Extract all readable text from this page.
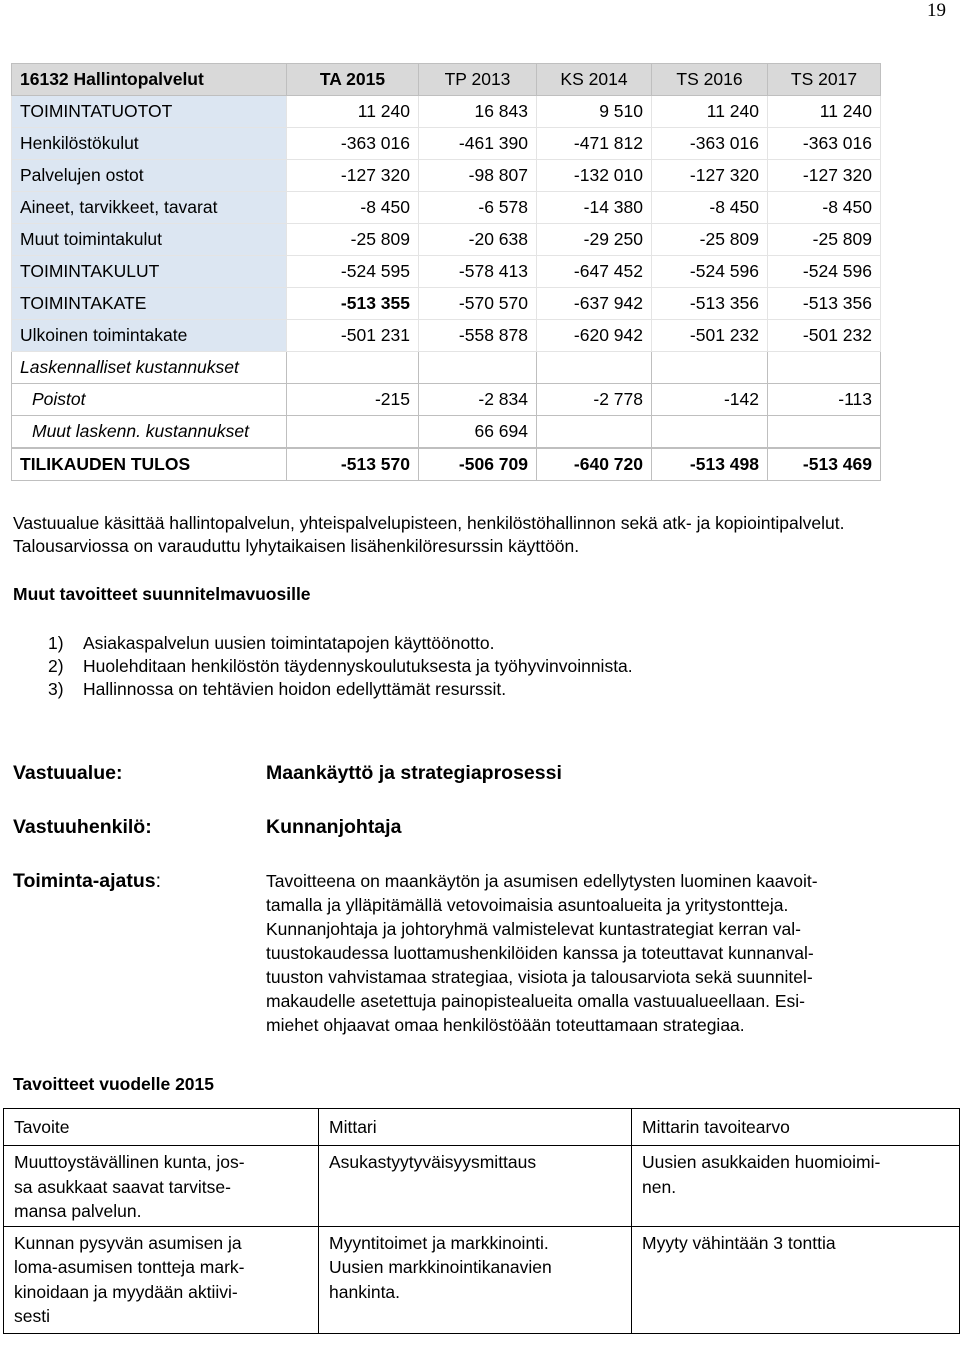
19
16132 Hallintopalvelut	TA 2015	TP 2013	KS 2014	TS 2016	TS 2017
TOIMINTATUOTOT	11 240	16 843	9 510	11 240	11 240
Henkilöstökulut	-363 016	-461 390	-471 812	-363 016	-363 016
Palvelujen ostot	-127 320	-98 807	-132 010	-127 320	-127 320
Aineet, tarvikkeet, tavarat	-8 450	-6 578	-14 380	-8 450	-8 450
Muut toimintakulut	-25 809	-20 638	-29 250	-25 809	-25 809
TOIMINTAKULUT	-524 595	-578 413	-647 452	-524 596	-524 596
TOIMINTAKATE	-513 355	-570 570	-637 942	-513 356	-513 356
Ulkoinen toimintakate	-501 231	-558 878	-620 942	-501 232	-501 232
Laskennalliset kustannukset					
Poistot	-215	-2 834	-2 778	-142	-113
Muut laskenn. kustannukset		66 694			
TILIKAUDEN TULOS	-513 570	-506 709	-640 720	-513 498	-513 469

Vastuualue käsittää hallintopalvelun, yhteispalvelupisteen, henkilöstöhallinnon sekä atk- ja kopiointipalvelut. Talousarviossa on varauduttu lyhytaikaisen lisähenkilöresurssin käyttöön.

Muut tavoitteet suunnitelmavuosille

1) Asiakaspalvelun uusien toimintatapojen käyttöönotto.
2) Huolehditaan henkilöstön täydennyskoulutuksesta ja työhyvinvoinnista.
3) Hallinnossa on tehtävien hoidon edellyttämät resurssit.
Vastuualue:	Maankäyttö ja strategiaprosessi
Vastuuhenkilö:	Kunnanjohtaja
Toiminta-ajatus:	Tavoitteena on maankäytön ja asumisen edellytysten luominen kaavoit-
tamalla ja ylläpitämällä vetovoimaisia asuntoalueita ja yritystontteja.
Kunnanjohtaja ja johtoryhmä valmistelevat kuntastrategiat kerran val-
tuustokaudessa luottamushenkilöiden kanssa ja toteuttavat kunnanval-
tuuston vahvistamaa strategiaa, visiota ja talousarviota sekä suunnitel-
makaudelle asetettuja painopistealueita omalla vastuualueellaan. Esi-
miehet ohjaavat omaa henkilöstöään toteuttamaan strategiaa.

Tavoitteet vuodelle 2015

Tavoite	Mittari	Mittarin tavoitearvo
Muuttoystävällinen kunta, jos-
sa asukkaat saavat tarvitse-
mansa palvelun.	Asukastyytyväisyysmittaus	Uusien asukkaiden huomioimi-
nen.
Kunnan pysyvän asumisen ja
loma-asumisen tontteja mark-
kinoidaan ja myydään aktiivi-
sesti	Myyntitoimet ja markkinointi.
Uusien markkinointikanavien
hankinta.	Myyty vähintään 3 tonttia
